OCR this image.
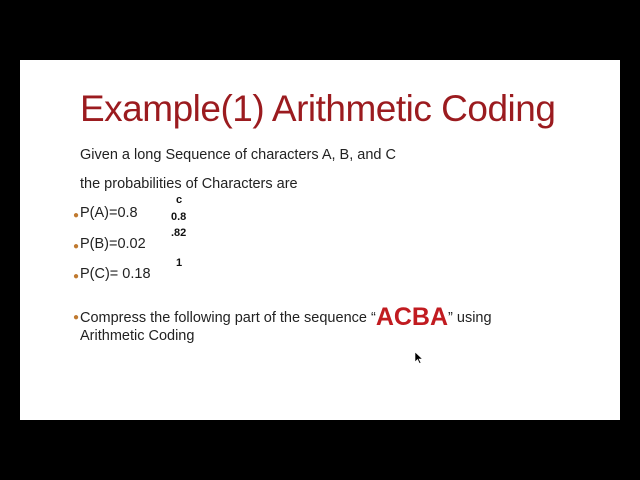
Example(1) Arithmetic Coding
Given a long Sequence of characters A, B, and C
the probabilities of Characters are
● P(A)=0.8
● P(B)=0.02
● P(C)= 0.18
c
0.8
.82
1
● Compress the following part of the sequence “ACBA” using
Arithmetic Coding
